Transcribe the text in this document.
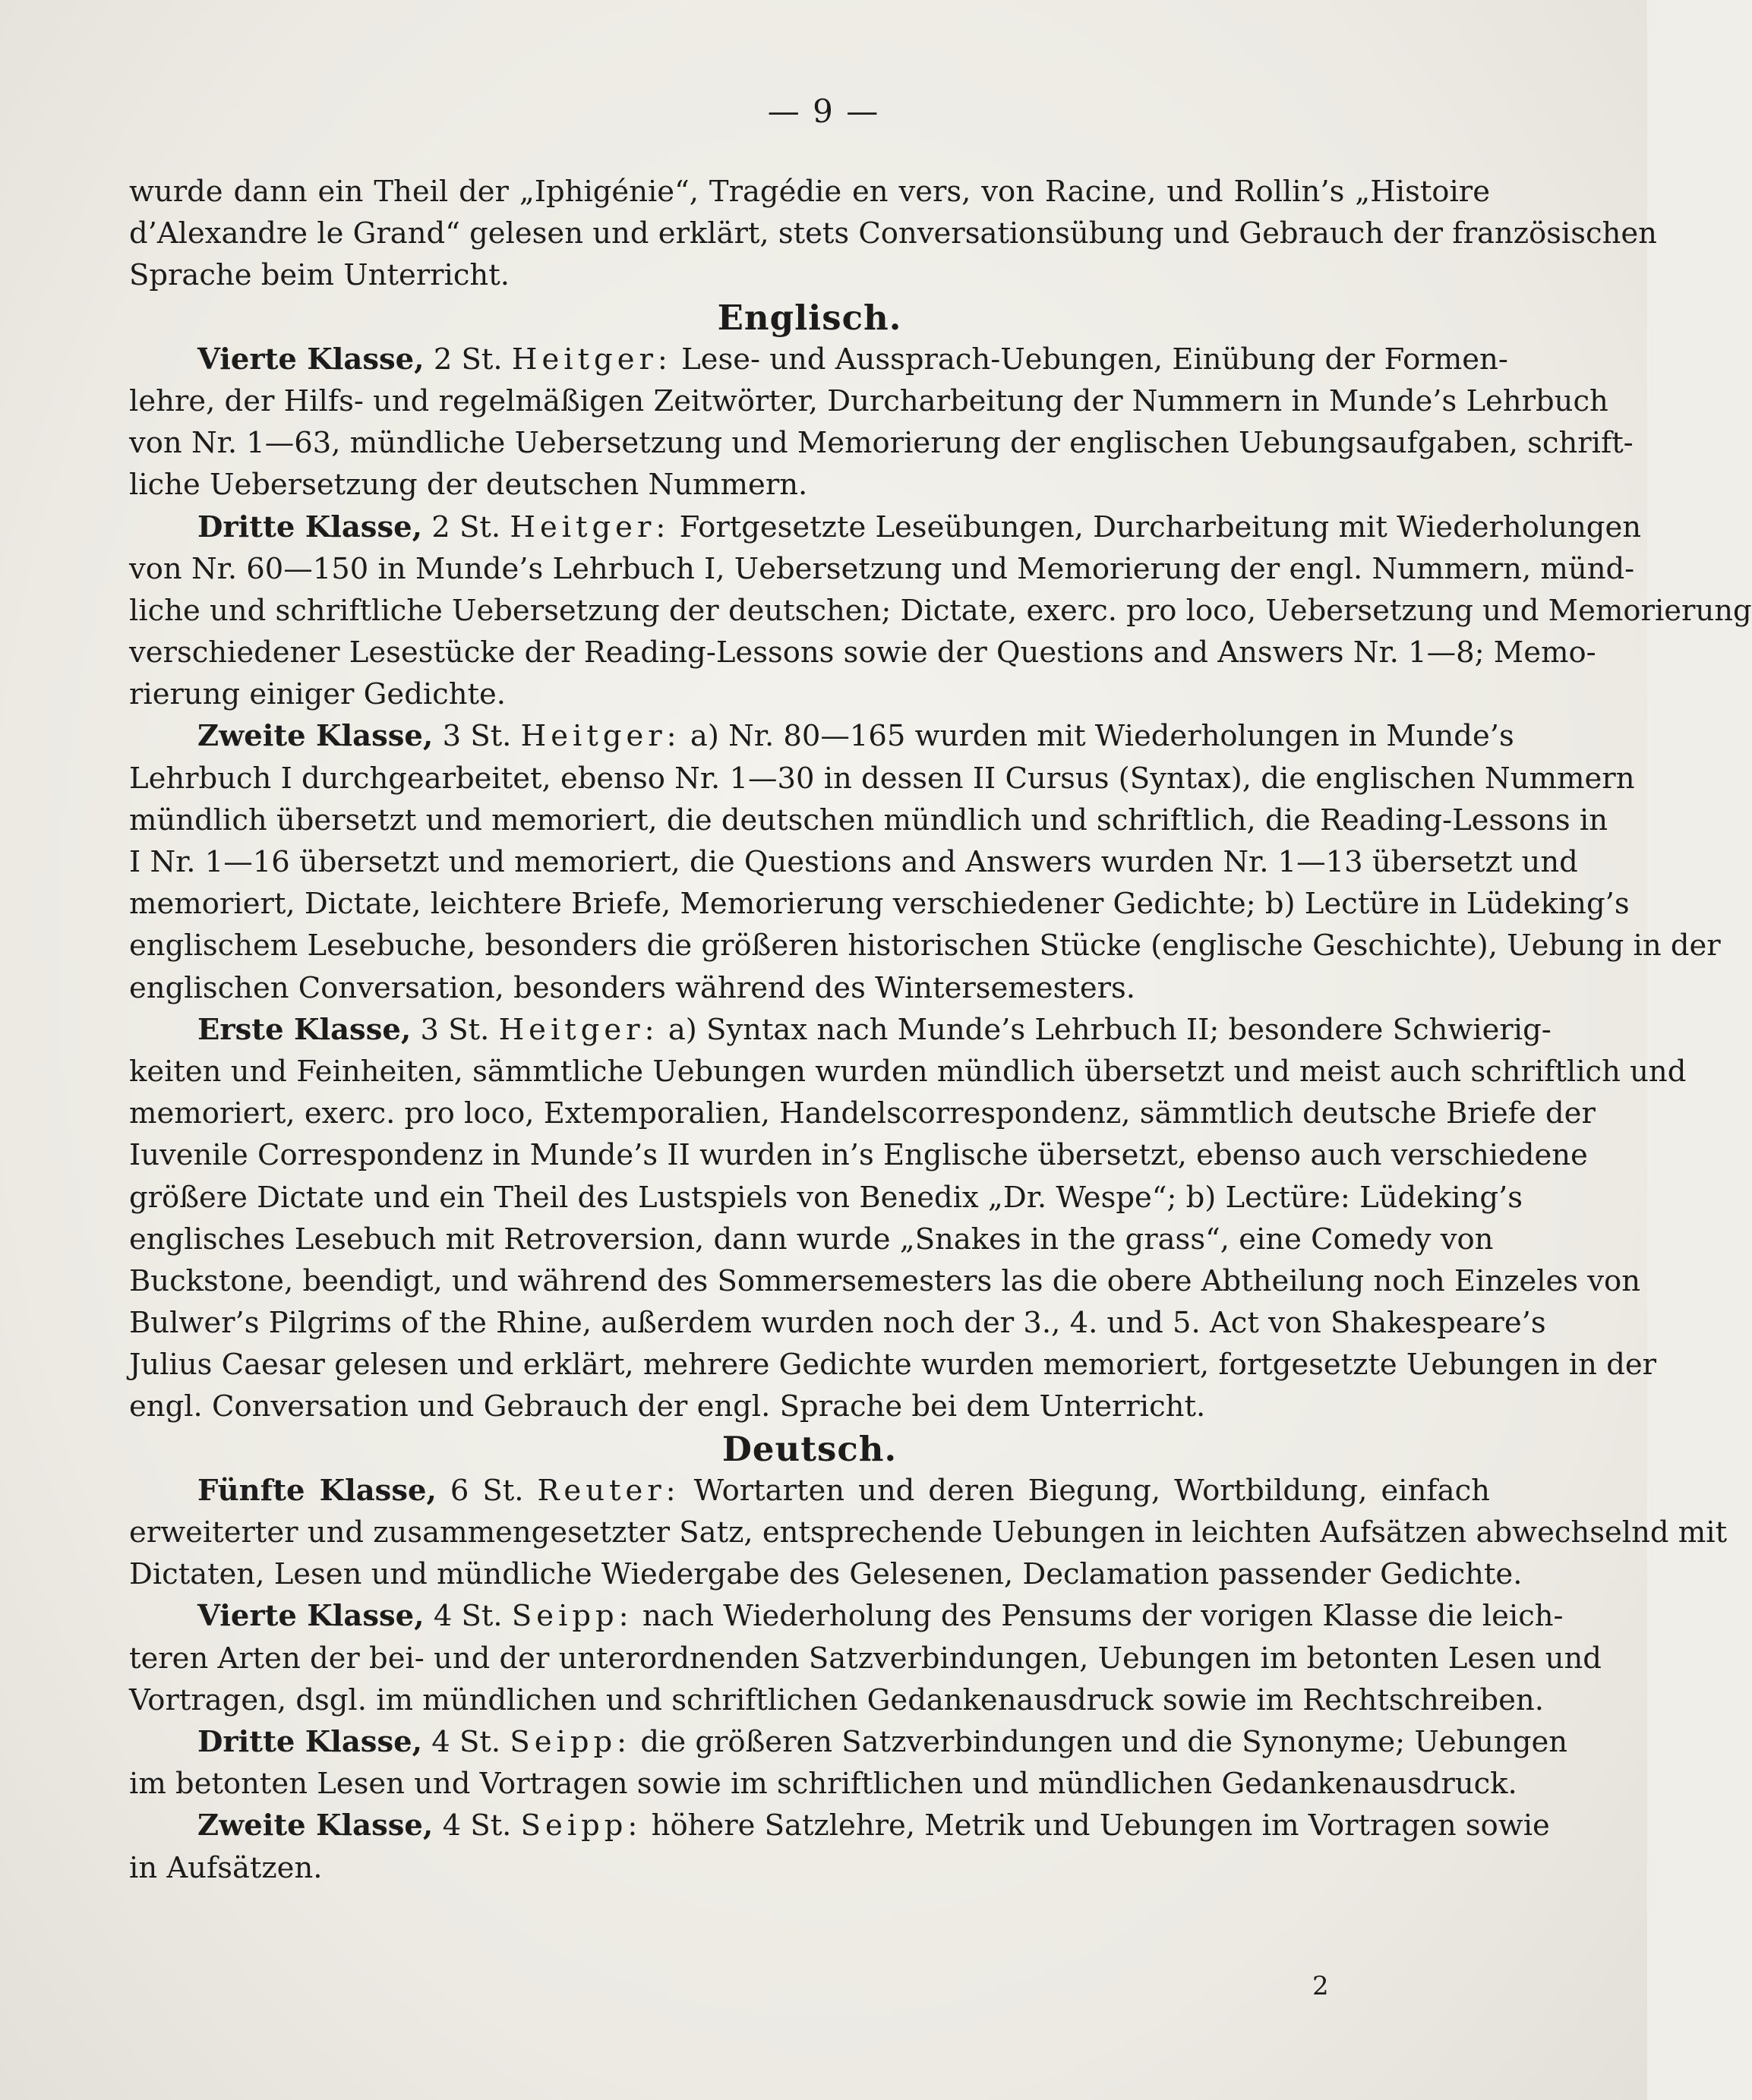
— 9 —
wurde dann ein Theil der „Iphigénie“, Tragédie en vers, von Racine, und Rollin’s „Histoire
d’Alexandre le Grand“ gelesen und erklärt, stets Conversationsübung und Gebrauch der französischen
Sprache beim Unterricht.
Englisch.
Vierte Klasse, 2 St. Heitger: Lese- und Aussprach-Uebungen, Einübung der Formen-
lehre, der Hilfs- und regelmäßigen Zeitwörter, Durcharbeitung der Nummern in Munde’s Lehrbuch
von Nr. 1—63, mündliche Uebersetzung und Memorierung der englischen Uebungsaufgaben, schrift-
liche Uebersetzung der deutschen Nummern.
Dritte Klasse, 2 St. Heitger: Fortgesetzte Leseübungen, Durcharbeitung mit Wiederholungen
von Nr. 60—150 in Munde’s Lehrbuch I, Uebersetzung und Memorierung der engl. Nummern, münd-
liche und schriftliche Uebersetzung der deutschen; Dictate, exerc. pro loco, Uebersetzung und Memorierung
verschiedener Lesestücke der Reading-Lessons sowie der Questions and Answers Nr. 1—8; Memo-
rierung einiger Gedichte.
Zweite Klasse, 3 St. Heitger: a) Nr. 80—165 wurden mit Wiederholungen in Munde’s
Lehrbuch I durchgearbeitet, ebenso Nr. 1—30 in dessen II Cursus (Syntax), die englischen Nummern
mündlich übersetzt und memoriert, die deutschen mündlich und schriftlich, die Reading-Lessons in
I Nr. 1—16 übersetzt und memoriert, die Questions and Answers wurden Nr. 1—13 übersetzt und
memoriert, Dictate, leichtere Briefe, Memorierung verschiedener Gedichte; b) Lectüre in Lüdeking’s
englischem Lesebuche, besonders die größeren historischen Stücke (englische Geschichte), Uebung in der
englischen Conversation, besonders während des Wintersemesters.
Erste Klasse, 3 St. Heitger: a) Syntax nach Munde’s Lehrbuch II; besondere Schwierig-
keiten und Feinheiten, sämmtliche Uebungen wurden mündlich übersetzt und meist auch schriftlich und
memoriert, exerc. pro loco, Extemporalien, Handelscorrespondenz, sämmtlich deutsche Briefe der
Iuvenile Correspondenz in Munde’s II wurden in’s Englische übersetzt, ebenso auch verschiedene
größere Dictate und ein Theil des Lustspiels von Benedix „Dr. Wespe“; b) Lectüre: Lüdeking’s
englisches Lesebuch mit Retroversion, dann wurde „Snakes in the grass“, eine Comedy von
Buckstone, beendigt, und während des Sommersemesters las die obere Abtheilung noch Einzeles von
Bulwer’s Pilgrims of the Rhine, außerdem wurden noch der 3., 4. und 5. Act von Shakespeare’s
Julius Caesar gelesen und erklärt, mehrere Gedichte wurden memoriert, fortgesetzte Uebungen in der
engl. Conversation und Gebrauch der engl. Sprache bei dem Unterricht.
Deutsch.
Fünfte Klasse, 6 St. Reuter: Wortarten und deren Biegung, Wortbildung, einfach
erweiterter und zusammengesetzter Satz, entsprechende Uebungen in leichten Aufsätzen abwechselnd mit
Dictaten, Lesen und mündliche Wiedergabe des Gelesenen, Declamation passender Gedichte.
Vierte Klasse, 4 St. Seipp: nach Wiederholung des Pensums der vorigen Klasse die leich-
teren Arten der bei- und der unterordnenden Satzverbindungen, Uebungen im betonten Lesen und
Vortragen, dsgl. im mündlichen und schriftlichen Gedankenausdruck sowie im Rechtschreiben.
Dritte Klasse, 4 St. Seipp: die größeren Satzverbindungen und die Synonyme; Uebungen
im betonten Lesen und Vortragen sowie im schriftlichen und mündlichen Gedankenausdruck.
Zweite Klasse, 4 St. Seipp: höhere Satzlehre, Metrik und Uebungen im Vortragen sowie
in Aufsätzen.
2
